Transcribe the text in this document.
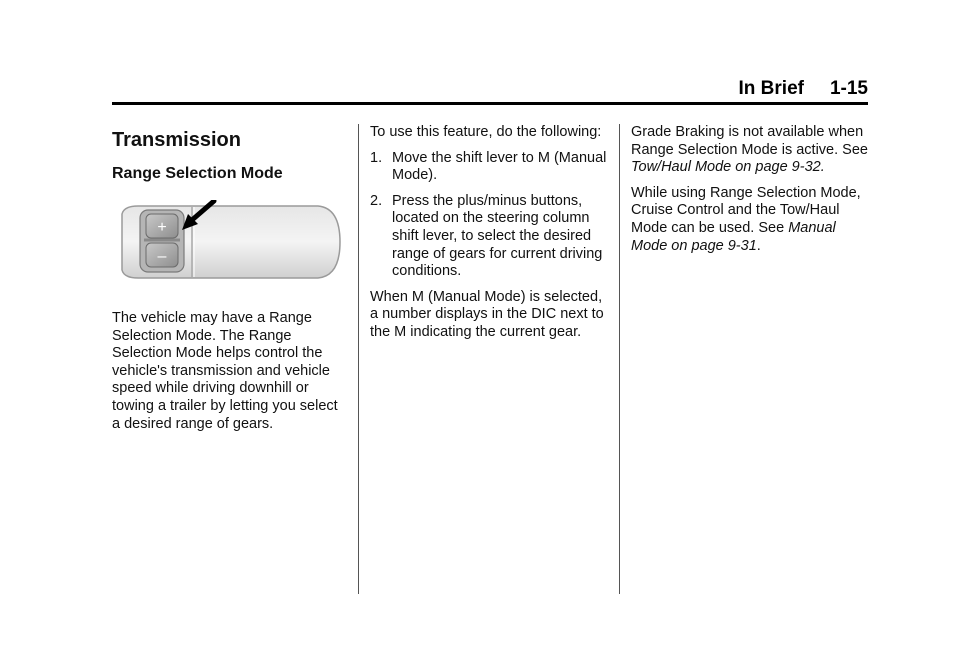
In Brief 1-15
Transmission
Range Selection Mode
+
–

The vehicle may have a Range Selection Mode. The Range Selection Mode helps control the vehicle's transmission and vehicle speed while driving downhill or towing a trailer by letting you select a desired range of gears.

To use this feature, do the following:

1. Move the shift lever to M (Manual Mode).
2. Press the plus/minus buttons, located on the steering column shift lever, to select the desired range of gears for current driving conditions.

When M (Manual Mode) is selected, a number displays in the DIC next to the M indicating the current gear.

Grade Braking is not available when Range Selection Mode is active. See Tow/Haul Mode on page 9-32.

While using Range Selection Mode, Cruise Control and the Tow/Haul Mode can be used. See Manual Mode on page 9-31.
